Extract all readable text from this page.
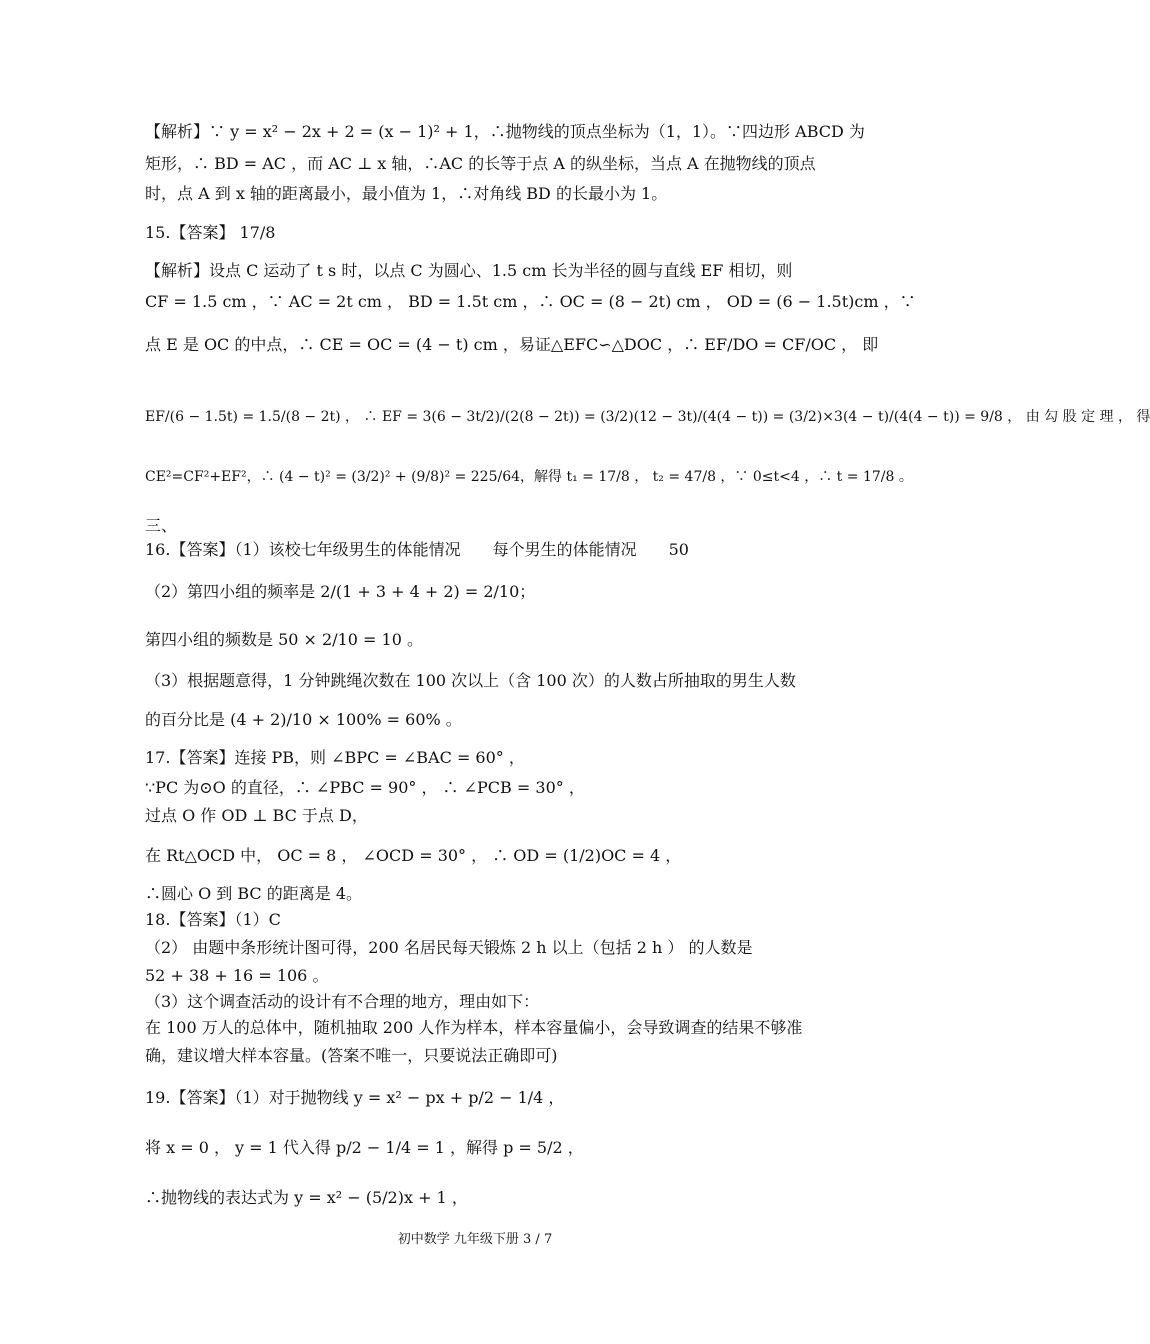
【解析】∵ y = x² − 2x + 2 = (x − 1)² + 1，∴抛物线的顶点坐标为（1，1）。∵四边形 ABCD 为
矩形，∴ BD = AC ，而 AC ⊥ x 轴，∴AC 的长等于点 A 的纵坐标，当点 A 在抛物线的顶点
时，点 A 到 x 轴的距离最小，最小值为 1，∴对角线 BD 的长最小为 1。
15.【答案】 17/8
【解析】设点 C 运动了 t s 时，以点 C 为圆心、1.5 cm 长为半径的圆与直线 EF 相切，则
CF = 1.5 cm ，∵ AC = 2t cm ， BD = 1.5t cm ，∴ OC = (8 − 2t) cm ， OD = (6 − 1.5t)cm ，∵
点 E 是 OC 的中点，∴ CE = OC = (4 − t) cm ，易证△EFC∽△DOC ，∴ EF/DO = CF/OC ， 即
EF/(6 − 1.5t) = 1.5/(8 − 2t) ， ∴ EF = 3(6 − 3t/2)/(2(8 − 2t)) = (3/2)(12 − 3t)/(4(4 − t)) = (3/2)×3(4 − t)/(4(4 − t)) = 9/8 ， 由 勾 股 定 理 ， 得
CE²=CF²+EF²，∴ (4 − t)² = (3/2)² + (9/8)² = 225/64，解得 t₁ = 17/8 ， t₂ = 47/8 ，∵ 0≤t<4 ，∴ t = 17/8 。
三、
16.【答案】（1）该校七年级男生的体能情况　　每个男生的体能情况　　50
（2）第四小组的频率是 2/(1 + 3 + 4 + 2) = 2/10；
第四小组的频数是 50 × 2/10 = 10 。
（3）根据题意得，1 分钟跳绳次数在 100 次以上（含 100 次）的人数占所抽取的男生人数
的百分比是 (4 + 2)/10 × 100% = 60% 。
17.【答案】连接 PB，则 ∠BPC = ∠BAC = 60° ，
∵PC 为⊙O 的直径，∴ ∠PBC = 90° ， ∴ ∠PCB = 30° ，
过点 O 作 OD ⊥ BC 于点 D，
在 Rt△OCD 中， OC = 8 ， ∠OCD = 30° ， ∴ OD = (1/2)OC = 4 ，
∴圆心 O 到 BC 的距离是 4。
18.【答案】（1）C
（2） 由题中条形统计图可得，200 名居民每天锻炼 2 h 以上（包括 2 h ） 的人数是
52 + 38 + 16 = 106 。
（3）这个调查活动的设计有不合理的地方，理由如下：
在 100 万人的总体中，随机抽取 200 人作为样本，样本容量偏小，会导致调查的结果不够准
确，建议增大样本容量。(答案不唯一，只要说法正确即可)
19.【答案】（1）对于抛物线 y = x² − px + p/2 − 1/4 ，
将 x = 0 ， y = 1 代入得 p/2 − 1/4 = 1 ，解得 p = 5/2 ，
∴抛物线的表达式为 y = x² − (5/2)x + 1 ，
初中数学 九年级下册 3 / 7
